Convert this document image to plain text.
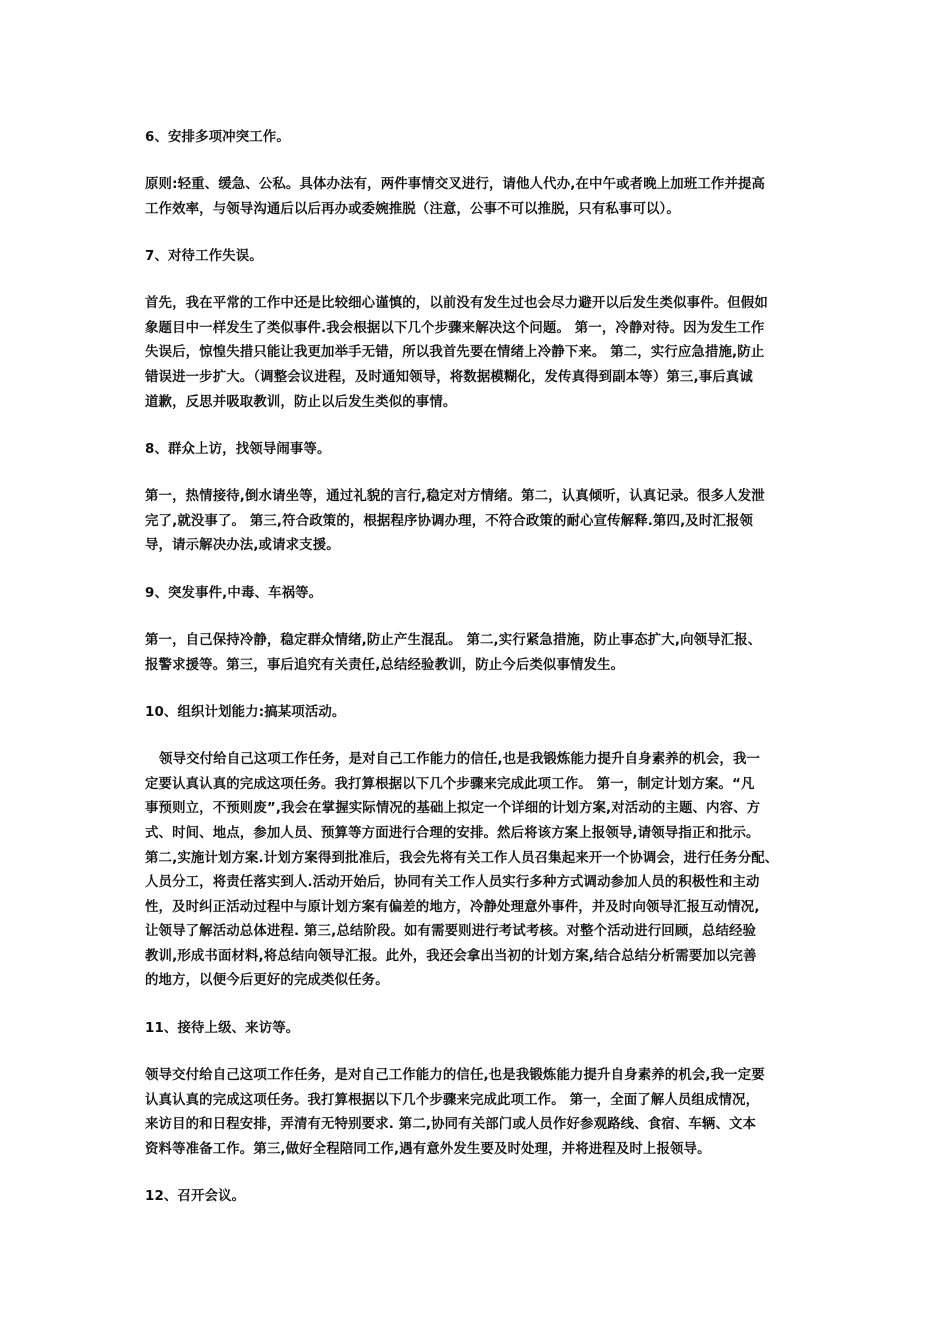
6、安排多项冲突工作。
原则:轻重、缓急、公私。具体办法有，两件事情交叉进行，请他人代办,在中午或者晚上加班工作并提高
工作效率，与领导沟通后以后再办或委婉推脱（注意，公事不可以推脱，只有私事可以）。
7、对待工作失误。
首先，我在平常的工作中还是比较细心谨慎的，以前没有发生过也会尽力避开以后发生类似事件。但假如
象题目中一样发生了类似事件.我会根据以下几个步骤来解决这个问题。 第一，冷静对待。因为发生工作
失误后，惊惶失措只能让我更加举手无错，所以我首先要在情绪上冷静下来。 第二，实行应急措施,防止
错误进一步扩大。（调整会议进程，及时通知领导，将数据模糊化，发传真得到副本等）第三,事后真诚
道歉，反思并吸取教训，防止以后发生类似的事情。
8、群众上访，找领导闹事等。
第一，热情接待,倒水请坐等，通过礼貌的言行,稳定对方情绪。第二，认真倾听，认真记录。很多人发泄
完了,就没事了。 第三,符合政策的，根据程序协调办理，不符合政策的耐心宣传解释.第四,及时汇报领
导，请示解决办法,或请求支援。
9、突发事件,中毒、车祸等。
第一，自己保持冷静，稳定群众情绪,防止产生混乱。 第二,实行紧急措施，防止事态扩大,向领导汇报、
报警求援等。第三，事后追究有关责任,总结经验教训，防止今后类似事情发生。
10、组织计划能力:搞某项活动。
领导交付给自己这项工作任务，是对自己工作能力的信任,也是我锻炼能力提升自身素养的机会，我一
定要认真认真的完成这项任务。我打算根据以下几个步骤来完成此项工作。 第一，制定计划方案。“凡
事预则立，不预则废”,我会在掌握实际情况的基础上拟定一个详细的计划方案,对活动的主题、内容、方
式、时间、地点，参加人员、预算等方面进行合理的安排。然后将该方案上报领导,请领导指正和批示。
第二,实施计划方案.计划方案得到批准后，我会先将有关工作人员召集起来开一个协调会，进行任务分配、
人员分工，将责任落实到人.活动开始后，协同有关工作人员实行多种方式调动参加人员的积极性和主动
性，及时纠正活动过程中与原计划方案有偏差的地方，冷静处理意外事件，并及时向领导汇报互动情况,
让领导了解活动总体进程. 第三,总结阶段。如有需要则进行考试考核。对整个活动进行回顾，总结经验
教训,形成书面材料,将总结向领导汇报。此外，我还会拿出当初的计划方案,结合总结分析需要加以完善
的地方，以便今后更好的完成类似任务。
11、接待上级、来访等。
领导交付给自己这项工作任务，是对自己工作能力的信任,也是我锻炼能力提升自身素养的机会,我一定要
认真认真的完成这项任务。我打算根据以下几个步骤来完成此项工作。 第一，全面了解人员组成情况，
来访目的和日程安排，弄清有无特别要求. 第二,协同有关部门或人员作好参观路线、食宿、车辆、文本
资料等准备工作。第三,做好全程陪同工作,遇有意外发生要及时处理，并将进程及时上报领导。
12、召开会议。
